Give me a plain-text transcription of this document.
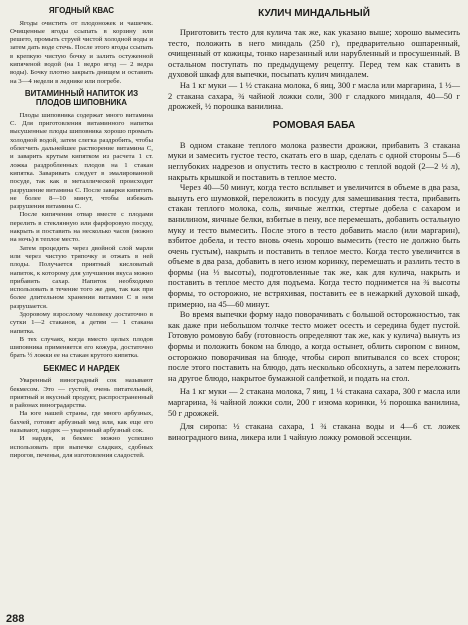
ЯГОДНЫЙ КВАС

Ягоды очистить от плодоножек и чашечек. Очищенные ягоды ссыпать в корзину или решето, промыть струей чистой холодной воды и затем дать воде стечь. После этого ягоды ссыпать в крепкую чистую бочку и залить остуженной кипяченой водой (на 1 ведро ягод — 2 ведра воды). Бочку плотно закрыть днищем и оставить на 3—4 недели в леднике или погребе.

ВИТАМИННЫЙ НАПИТОК ИЗ ПЛОДОВ ШИПОВНИКА

Плоды шиповника содержат много витамина С. Для приготовления витаминного напитка высушенные плоды шиповника хорошо промыть холодной водой, затем слегка раздробить, чтобы облегчить дальнейшее растворение витамина С, и заварить крутым кипятком из расчета 1 ст. ложка раздробленных плодов на 1 стакан кипятка. Заваривать следует в эмалированной посуде, так как в металлической происходит разрушение витамина С. После заварки кипятить не более 8—10 минут, чтобы избежать разрушения витамина С.

После кипячения отвар вместе с плодами перелить в стеклянную или фарфоровую посуду, накрыть и поставить на несколько часов (можно на ночь) в теплое место.

Затем процедить через двойной слой марли или через чистую тряпочку и отжать в ней плоды. Получается приятный кисловатый напиток, к которому для улучшения вкуса можно прибавить сахар. Напиток необходимо использовать в течение того же дня, так как при более длительном хранении витамин С в нем разрушается.

Здоровому взрослому человеку достаточно в сутки 1—2 стаканов, а детям — 1 стакана напитка.

В тех случаях, когда вместо целых плодов шиповника применяется его кожура, достаточно брать ½ ложки ее на стакан крутого кипятка.

БЕКМЕС И НАРДЕК

Уваренный виноградный сок называют бекмесом. Это — густой, очень питательный, приятный и вкусный продукт, распространенный в районах виноградарства.

На юге нашей страны, где много арбузных, бахчей, готовят арбузный мед или, как еще его называют, нардек — уваренный арбузный сок.

И нардек, и бекмес можно успешно использовать при выпечке сладких, сдобных пирогов, печенья, для изготовления сладостей.

КУЛИЧ МИНДАЛЬНЫЙ

Приготовить тесто для кулича так же, как указано выше; хорошо вымесить тесто, положить в него миндаль (250 г), предварительно ошпаренный, очищенный от кожицы, тонко нарезанный или нарубленный и просушенный. В остальном поступать по предыдущему рецепту. Перед тем как ставить в духовой шкаф для выпечки, посыпать кулич миндалем.

На 1 кг муки — 1 ½ стакана молока, 6 яиц, 300 г масла или маргарина, 1 ½—2 стакана сахара, ¾ чайной ложки соли, 300 г сладкого миндаля, 40—50 г дрожжей, ½ порошка ванилина.

РОМОВАЯ БАБА

В одном стакане теплого молока развести дрожжи, прибавить 3 стакана муки и замесить густое тесто, скатать его в шар, сделать с одной стороны 5—6 неглубоких надрезов и опустить тесто в кастрюлю с теплой водой (2—2 ½ л), накрыть крышкой и поставить в теплое место.

Через 40—50 минут, когда тесто всплывет и увеличится в объеме в два раза, вынуть его шумовкой, переложить в посуду для замешивания теста, прибавить стакан теплого молока, соль, яичные желтки, стертые добела с сахаром и ванилином, яичные белки, взбитые в пену, все перемешать, добавить остальную муку и тесто вымесить. После этого в тесто добавить масло (или маргарин), взбитое добела, и тесто вновь очень хорошо вымесить (тесто не должно быть очень густым), накрыть и поставить в теплое место. Когда тесто увеличится в объеме в два раза, добавить в него изюм коринку, перемешать и разлить тесто в формы (на ⅓ высоты), подготовленные так же, как для кулича, накрыть и поставить в теплое место для подъема. Когда тесто поднимется на ¾ высоты формы, то осторожно, не встряхивая, поставить ее в нежаркий духовой шкаф, примерно, на 45—60 минут.

Во время выпечки форму надо поворачивать с большой осторожностью, так как даже при небольшом толчке тесто может осесть и середина будет пустой. Готовую ромовую бабу (готовность определяют так же, как у кулича) вынуть из формы и положить боком на блюдо, а когда остынет, облить сиропом с вином, осторожно поворачивая на блюде, чтобы сироп впитывался со всех сторон; после этого поставить на блюдо, дать несколько обсохнуть, а затем переложить на другое блюдо, накрытое бумажной салфеткой, и подать на стол.

На 1 кг муки — 2 стакана молока, 7 яиц, 1 ¼ стакана сахара, 300 г масла или маргарина, ¾ чайной ложки соли, 200 г изюма коринки, ½ порошка ванилина, 50 г дрожжей.

Для сиропа: ½ стакана сахара, 1 ¾ стакана воды и 4—6 ст. ложек виноградного вина, ликера или 1 чайную ложку ромовой эссенции.

288
